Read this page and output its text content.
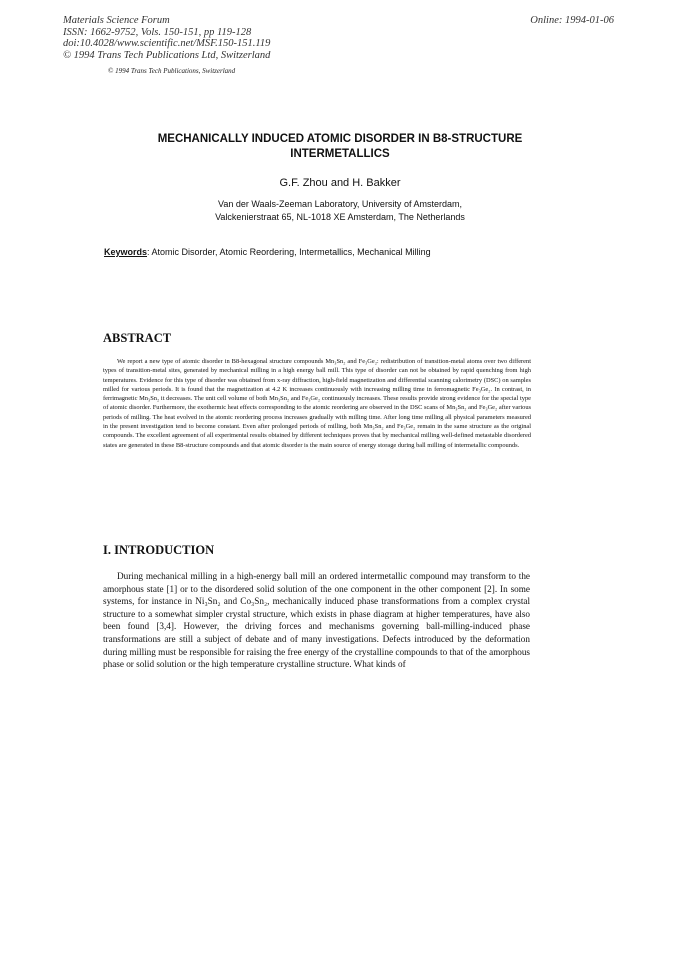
Materials Science Forum
ISSN: 1662-9752, Vols. 150-151, pp 119-128
doi:10.4028/www.scientific.net/MSF.150-151.119
© 1994 Trans Tech Publications Ltd, Switzerland
Online: 1994-01-06
© 1994 Trans Tech Publications, Switzerland
MECHANICALLY INDUCED ATOMIC DISORDER IN B8-STRUCTURE
INTERMETALLICS
G.F. Zhou and H. Bakker
Van der Waals-Zeeman Laboratory, University of Amsterdam,
Valckenierstraat 65, NL-1018 XE Amsterdam, The Netherlands
Keywords: Atomic Disorder, Atomic Reordering, Intermetallics, Mechanical Milling
ABSTRACT

We report a new type of atomic disorder in B8-hexagonal structure compounds Mn₃Sn₂ and Fe₃Ge₂: redistribution of transition-metal atoms over two different types of transition-metal sites, generated by mechanical milling in a high energy ball mill. This type of disorder can not be obtained by rapid quenching from high temperatures. Evidence for this type of disorder was obtained from x-ray diffraction, high-field magnetization and differential scanning calorimetry (DSC) on samples milled for various periods. It is found that the magnetization at 4.2 K increases continuously with increasing milling time in ferromagnetic Fe₃Ge₂. In contrast, in ferrimagnetic Mn₃Sn₂ it decreases. The unit cell volume of both Mn₃Sn₂ and Fe₃Ge₂ continuously increases. These results provide strong evidence for the special type of atomic disorder. Furthermore, the exothermic heat effects corresponding to the atomic reordering are observed in the DSC scans of Mn₃Sn₂ and Fe₃Ge₂ after various periods of milling. The heat evolved in the atomic reordering process increases gradually with milling time. After long time milling all physical parameters measured in the present investigation tend to become constant. Even after prolonged periods of milling, both Mn₃Sn₂ and Fe₃Ge₂ remain in the same structure as the original compounds. The excellent agreement of all experimental results obtained by different techniques proves that by mechanical milling well-defined metastable disordered states are generated in these B8-structure compounds and that atomic disorder is the main source of energy storage during ball milling of intermetallic compounds.

I. INTRODUCTION

During mechanical milling in a high-energy ball mill an ordered intermetallic compound may transform to the amorphous state [1] or to the disordered solid solution of the one component in the other component [2]. In some systems, for instance in Ni₃Sn₂ and Co₃Sn₂, mechanically induced phase transformations from a complex crystal structure to a somewhat simpler crystal structure, which exists in phase diagram at higher temperatures, have also been found [3,4]. However, the driving forces and mechanisms governing ball-milling-induced phase transformations are still a subject of debate and of many investigations. Defects introduced by the deformation during milling must be responsible for raising the free energy of the crystalline compounds to that of the amorphous phase or solid solution or the high temperature crystalline structure. What kinds of
